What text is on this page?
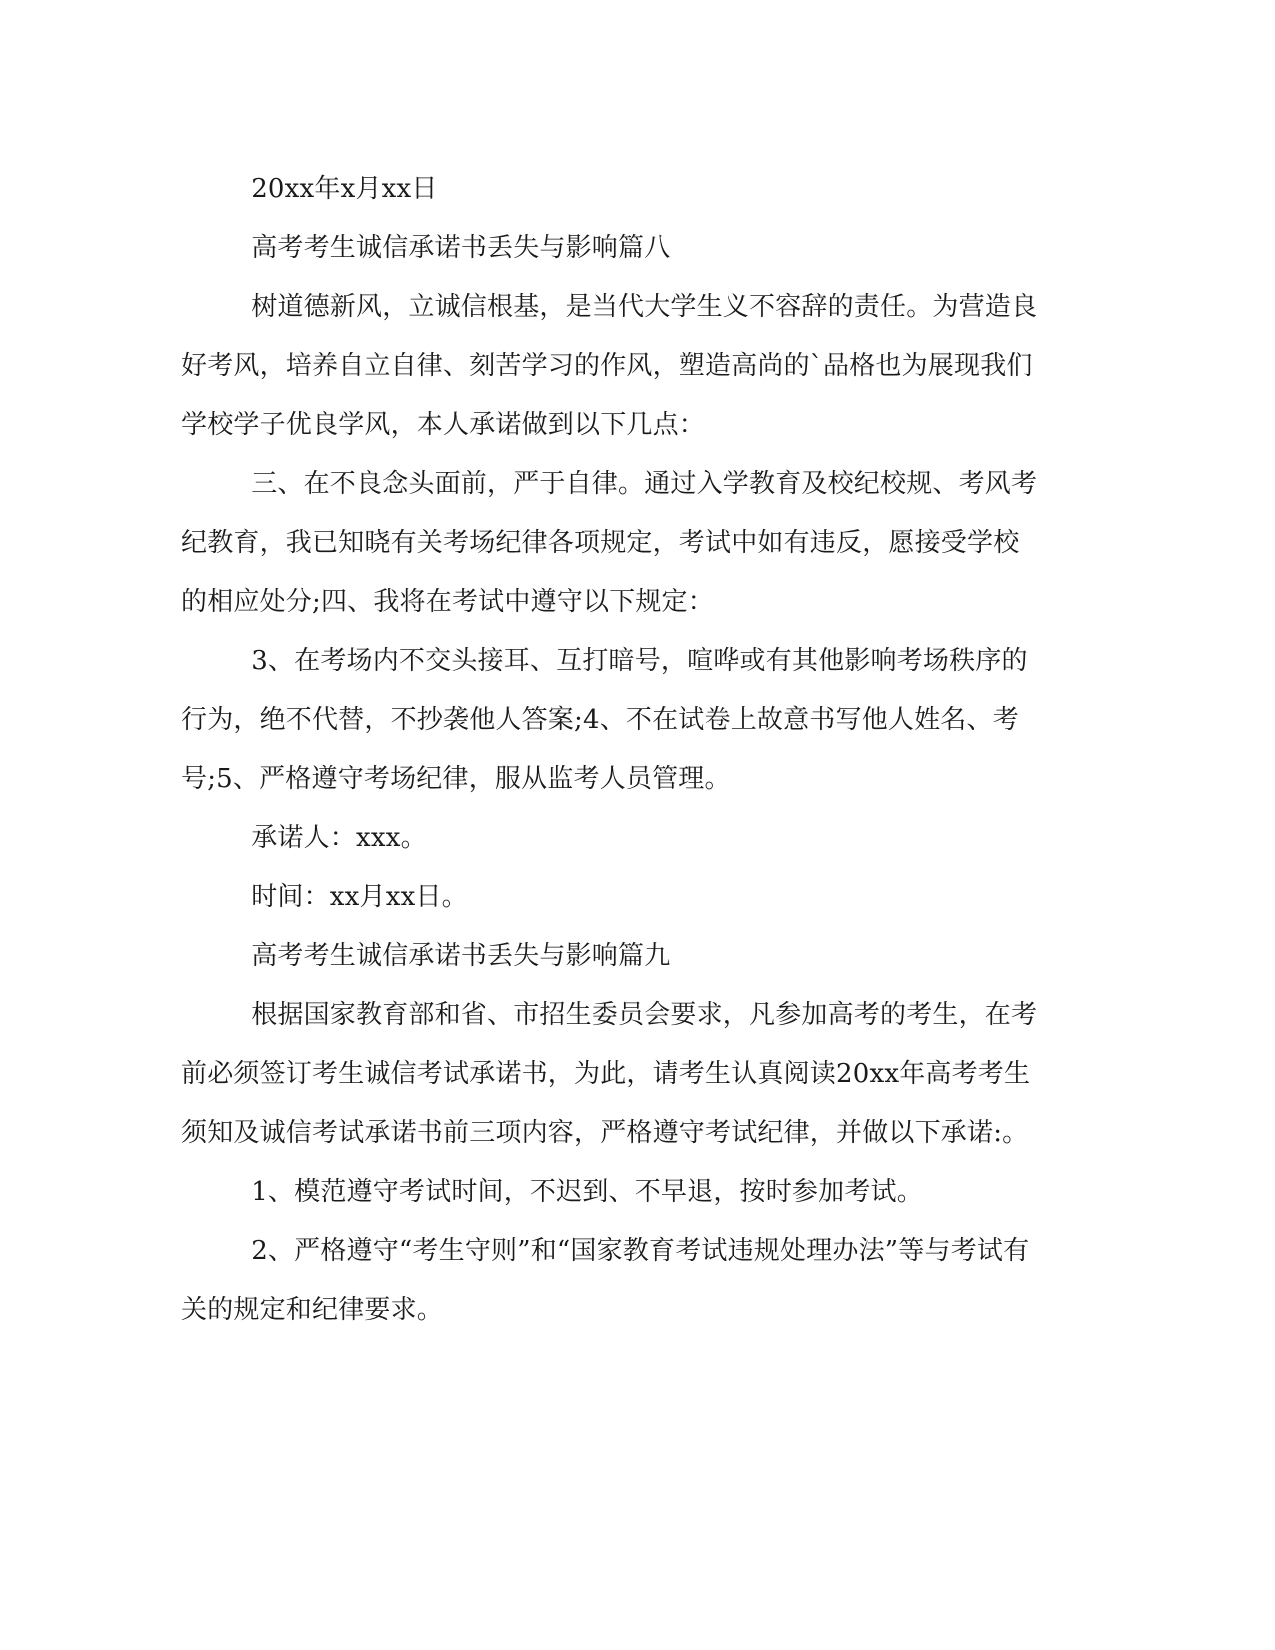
20xx年x月xx日

高考考生诚信承诺书丢失与影响篇八

树道德新风，立诚信根基，是当代大学生义不容辞的责任。为营造良好考风，培养自立自律、刻苦学习的作风，塑造高尚的`品格也为展现我们学校学子优良学风，本人承诺做到以下几点：

三、在不良念头面前，严于自律。通过入学教育及校纪校规、考风考纪教育，我已知晓有关考场纪律各项规定，考试中如有违反，愿接受学校的相应处分;四、我将在考试中遵守以下规定：

3、在考场内不交头接耳、互打暗号，喧哗或有其他影响考场秩序的行为，绝不代替，不抄袭他人答案;4、不在试卷上故意书写他人姓名、考号;5、严格遵守考场纪律，服从监考人员管理。

承诺人：xxx。

时间：xx月xx日。

高考考生诚信承诺书丢失与影响篇九

根据国家教育部和省、市招生委员会要求，凡参加高考的考生，在考前必须签订考生诚信考试承诺书，为此，请考生认真阅读20xx年高考考生须知及诚信考试承诺书前三项内容，严格遵守考试纪律，并做以下承诺:。

1、模范遵守考试时间，不迟到、不早退，按时参加考试。

2、严格遵守“考生守则”和“国家教育考试违规处理办法”等与考试有关的规定和纪律要求。
